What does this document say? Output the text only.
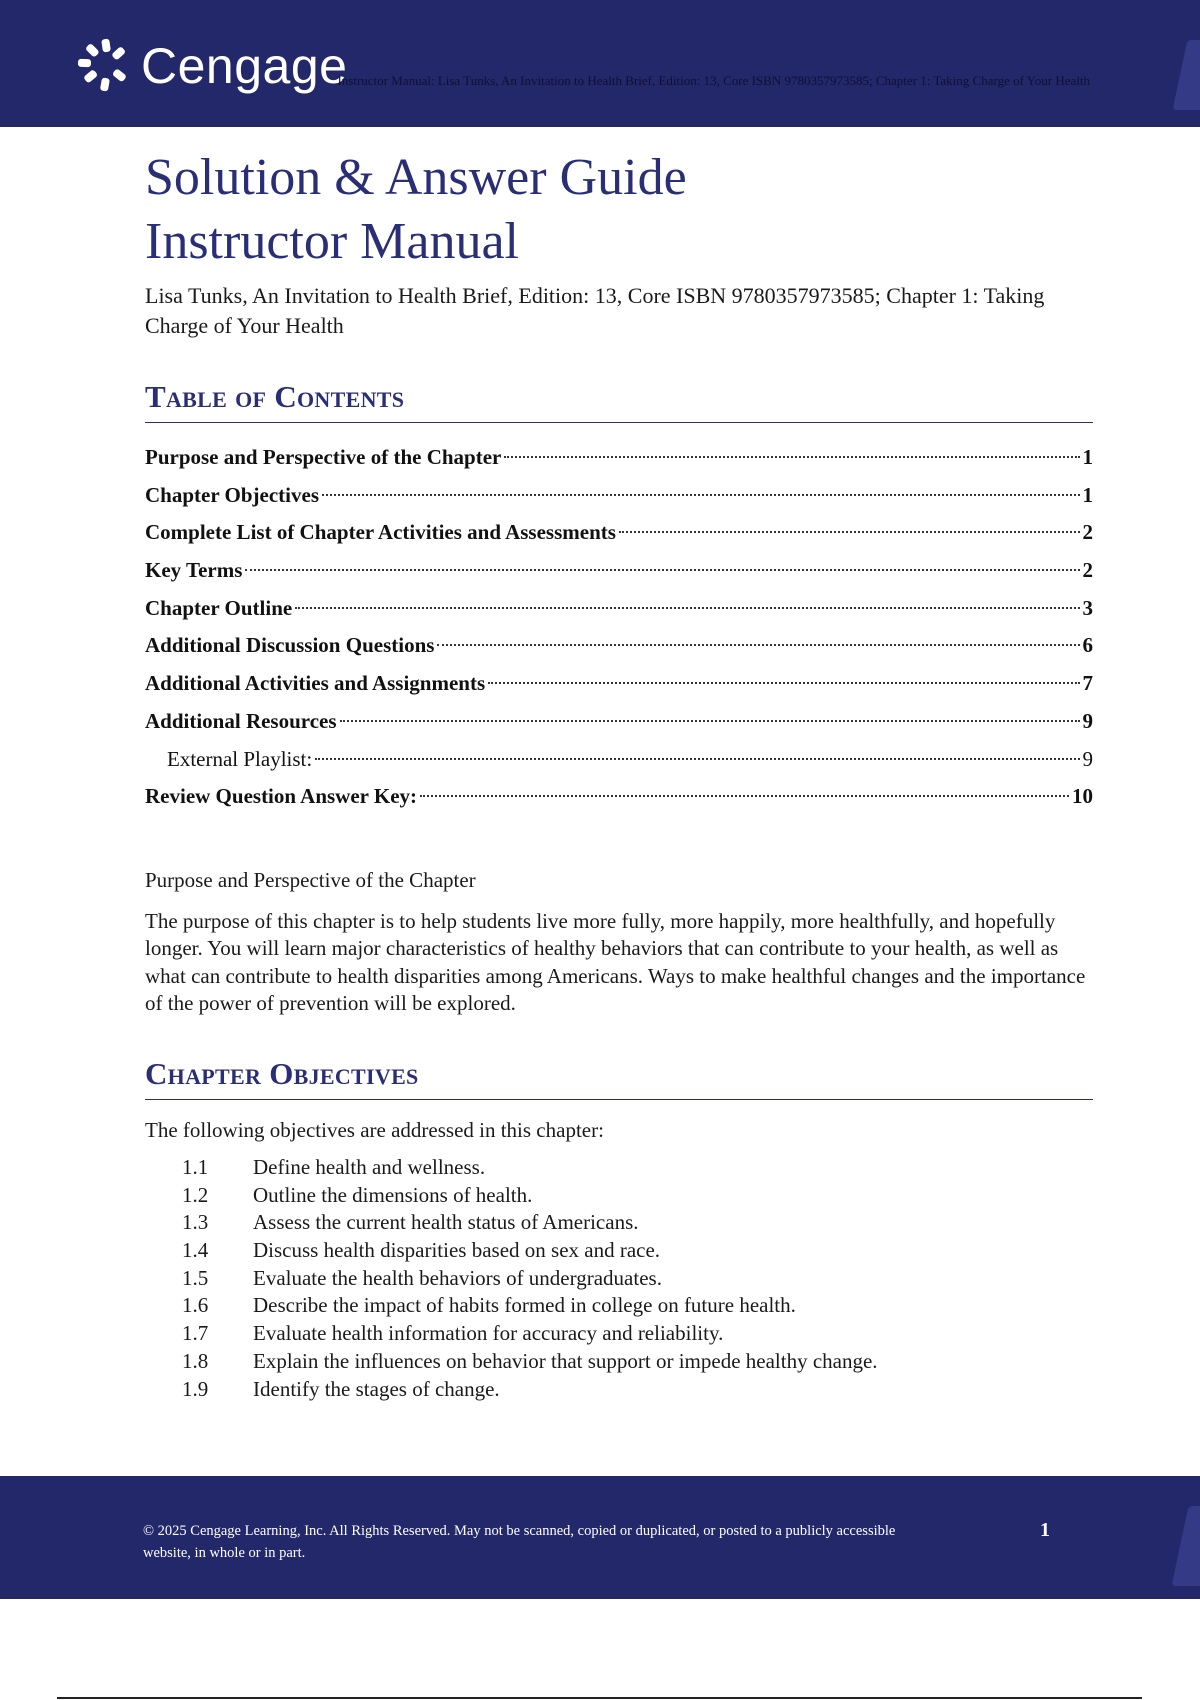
Cengage
Instructor Manual: Lisa Tunks, An Invitation to Health Brief, Edition: 13, Core ISBN 9780357973585; Chapter 1: Taking Charge of Your Health
Solution & Answer Guide
Instructor Manual

Lisa Tunks, An Invitation to Health Brief, Edition: 13, Core ISBN 9780357973585; Chapter 1: Taking Charge of Your Health

Table of Contents
Purpose and Perspective of the Chapter	1
Chapter Objectives	1
Complete List of Chapter Activities and Assessments	2
Key Terms	2
Chapter Outline	3
Additional Discussion Questions	6
Additional Activities and Assignments	7
Additional Resources	9
External Playlist:	9
Review Question Answer Key:	10

Purpose and Perspective of the Chapter

The purpose of this chapter is to help students live more fully, more happily, more healthfully, and hopefully longer. You will learn major characteristics of healthy behaviors that can contribute to your health, as well as what can contribute to health disparities among Americans. Ways to make healthful changes and the importance of the power of prevention will be explored.

Chapter Objectives

The following objectives are addressed in this chapter:

1.1	Define health and wellness.
1.2	Outline the dimensions of health.
1.3	Assess the current health status of Americans.
1.4	Discuss health disparities based on sex and race.
1.5	Evaluate the health behaviors of undergraduates.
1.6	Describe the impact of habits formed in college on future health.
1.7	Evaluate health information for accuracy and reliability.
1.8	Explain the influences on behavior that support or impede healthy change.
1.9	Identify the stages of change.
© 2025 Cengage Learning, Inc. All Rights Reserved. May not be scanned, copied or duplicated, or posted to a publicly accessible website, in whole or in part.
1
